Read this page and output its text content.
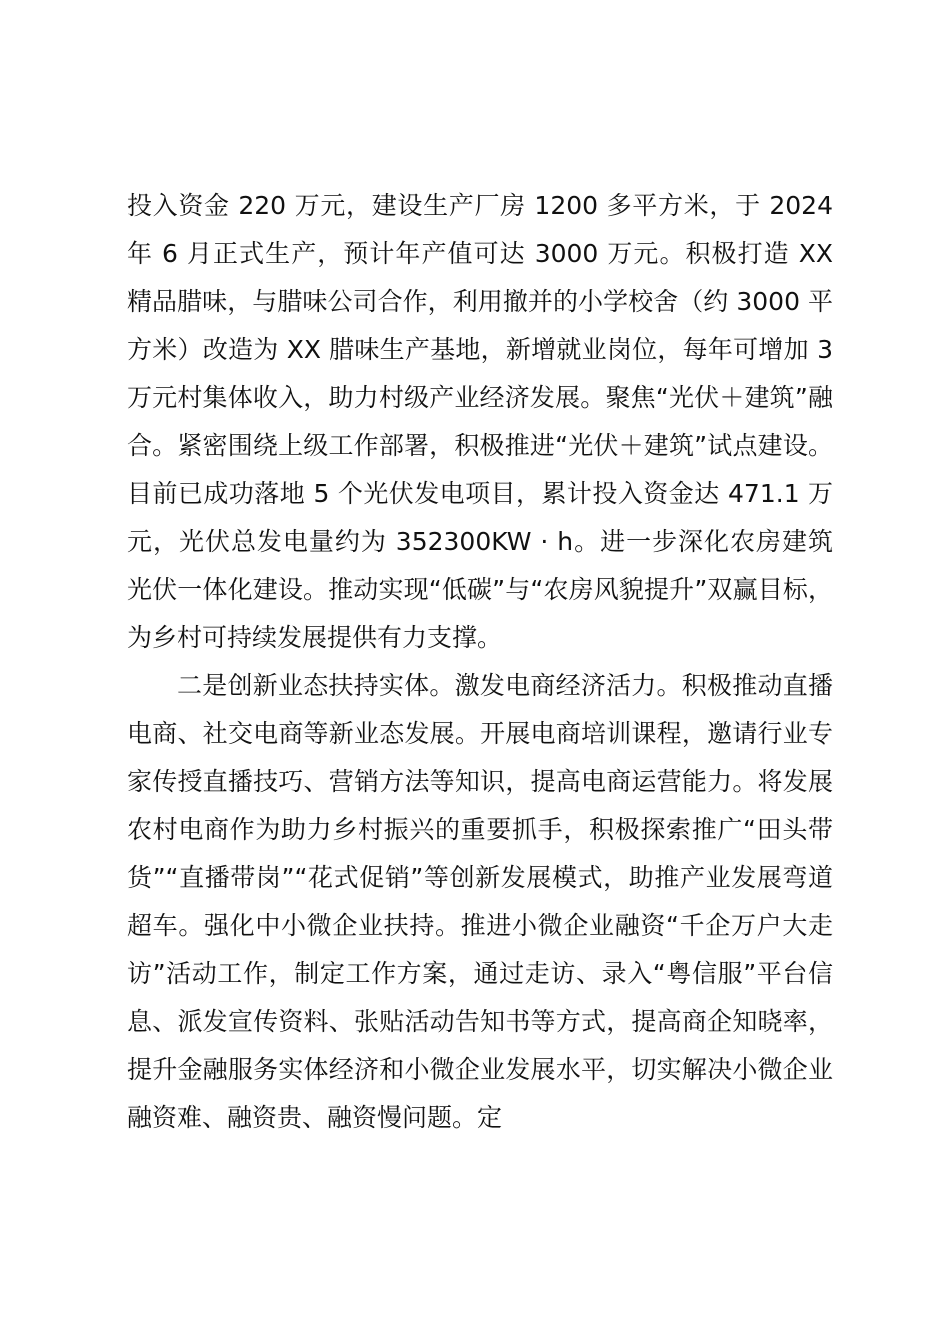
投入资金 220 万元，建设生产厂房 1200 多平方米，于 2024 年 6 月正式生产，预计年产值可达 3000 万元。积极打造 XX 精品腊味，与腊味公司合作，利用撤并的小学校舍（约 3000 平方米）改造为 XX 腊味生产基地，新增就业岗位，每年可增加 3 万元村集体收入，助力村级产业经济发展。聚焦“光伏＋建筑”融合。紧密围绕上级工作部署，积极推进“光伏＋建筑”试点建设。目前已成功落地 5 个光伏发电项目，累计投入资金达 471.1 万元，光伏总发电量约为 352300KW · h。进一步深化农房建筑光伏一体化建设。推动实现“低碳”与“农房风貌提升”双赢目标，为乡村可持续发展提供有力支撑。

二是创新业态扶持实体。激发电商经济活力。积极推动直播电商、社交电商等新业态发展。开展电商培训课程，邀请行业专家传授直播技巧、营销方法等知识，提高电商运营能力。将发展农村电商作为助力乡村振兴的重要抓手，积极探索推广“田头带货”“直播带岗”“花式促销”等创新发展模式，助推产业发展弯道超车。强化中小微企业扶持。推进小微企业融资“千企万户大走访”活动工作，制定工作方案，通过走访、录入“粤信服”平台信息、派发宣传资料、张贴活动告知书等方式，提高商企知晓率，提升金融服务实体经济和小微企业发展水平，切实解决小微企业融资难、融资贵、融资慢问题。定
